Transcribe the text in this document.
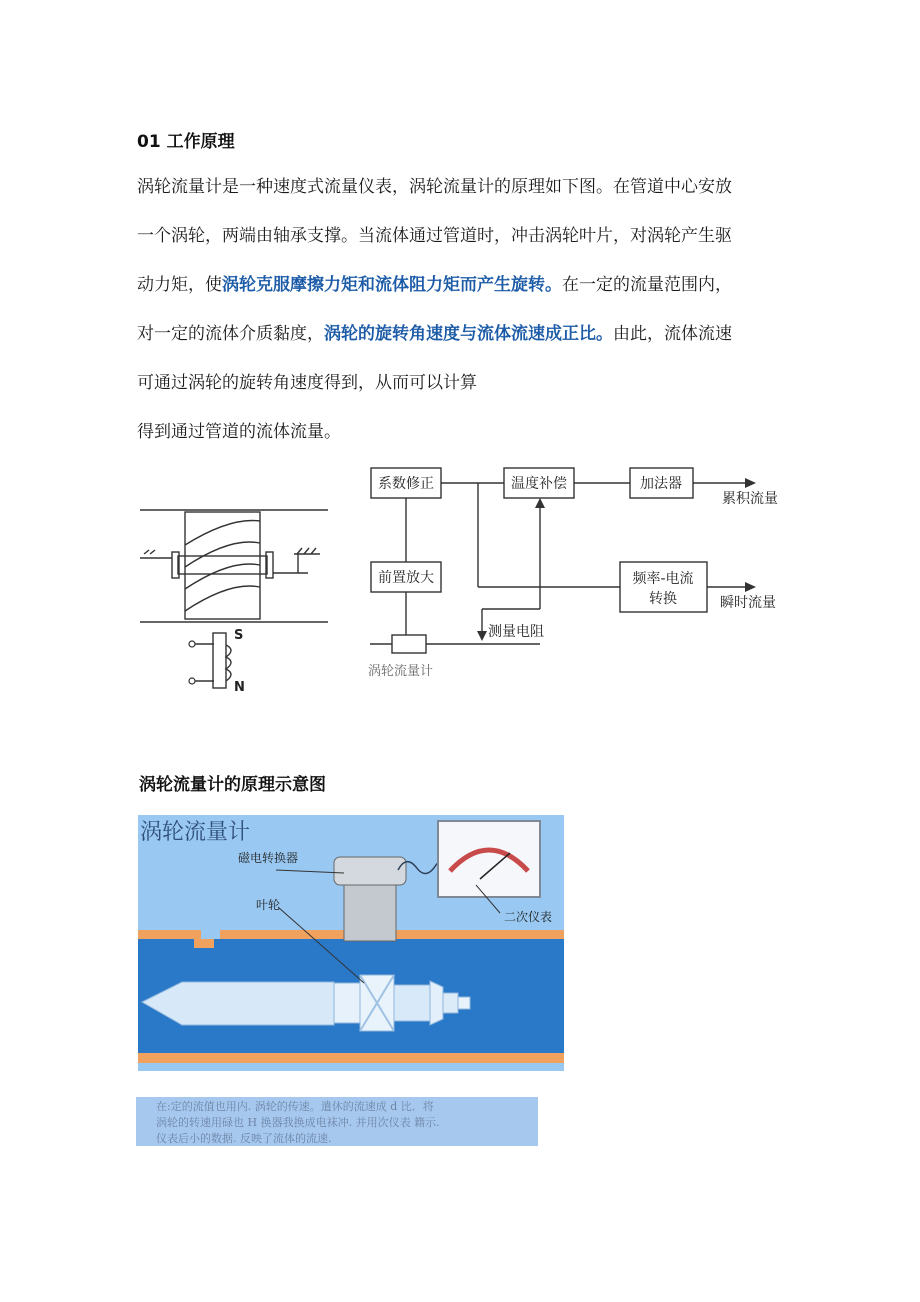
01 工作原理
涡轮流量计是一种速度式流量仪表，涡轮流量计的原理如下图。在管道中心安放
一个涡轮，两端由轴承支撑。当流体通过管道时，冲击涡轮叶片，对涡轮产生驱
动力矩，使涡轮克服摩擦力矩和流体阻力矩而产生旋转。在一定的流量范围内，
对一定的流体介质黏度，涡轮的旋转角速度与流体流速成正比。由此，流体流速
可通过涡轮的旋转角速度得到，从而可以计算
得到通过管道的流体流量。
系数修正	温度补偿	加法器
前置放大	频率-电流
转换
累积流量
瞬时流量
测量电阻
S
N
涡轮流量计
涡轮流量计的原理示意图
涡轮流量计
磁电转换器
叶轮
二次仪表
在:定的流值也用内. 涡轮的传速。遣休的流速成 d 比．将
涡轮的转速用碌也 H 换器我换成电袜冲. 并用次仪表 籍示.
仪表后小的数据. 反映了流体的流速.
